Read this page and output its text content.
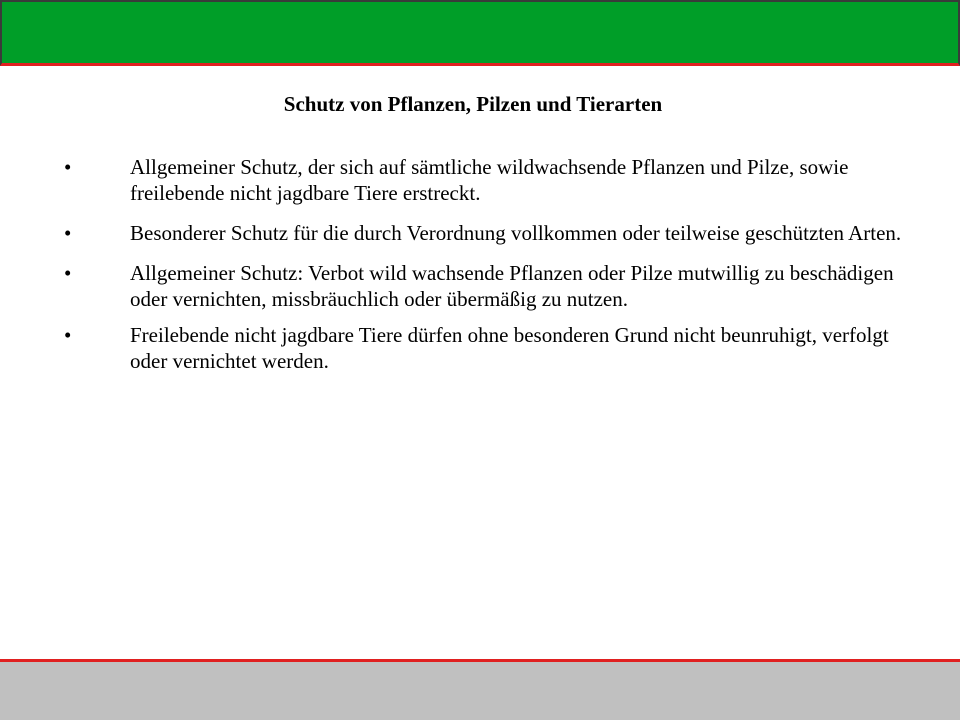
Schutz von Pflanzen, Pilzen und Tierarten
•	Allgemeiner Schutz, der sich auf sämtliche wildwachsende Pflanzen und Pilze, sowie freilebende nicht jagdbare Tiere erstreckt.
•	Besonderer Schutz für die durch Verordnung vollkommen oder teilweise geschützten Arten.
•	Allgemeiner Schutz: Verbot wild wachsende Pflanzen oder Pilze mutwillig zu beschädigen oder vernichten, missbräuchlich oder übermäßig zu nutzen.
•	Freilebende nicht jagdbare Tiere dürfen ohne besonderen Grund nicht beunruhigt, verfolgt oder vernichtet werden.
